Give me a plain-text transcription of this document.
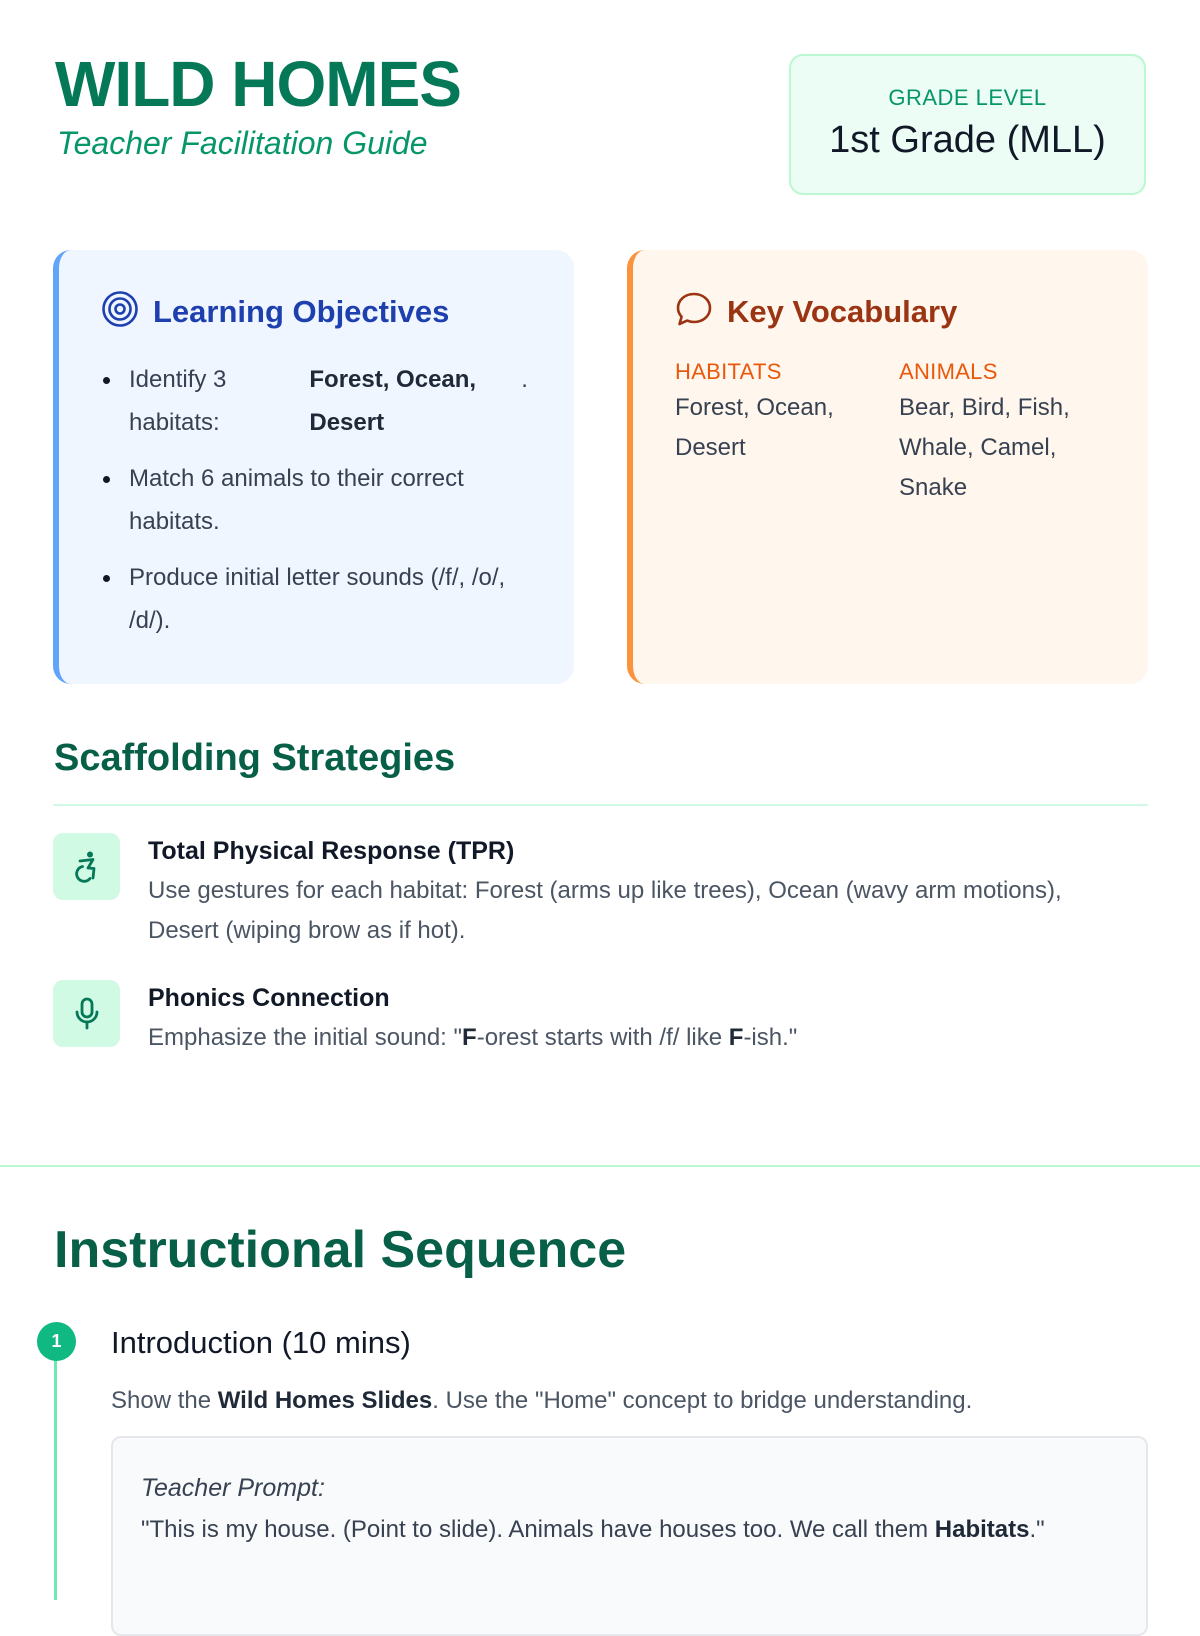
WILD HOMES
Teacher Facilitation Guide
GRADE LEVEL
1st Grade (MLL)
Learning Objectives
Identify 3 habitats:
Forest, Ocean, Desert
.
Match 6 animals to their correct habitats.
Produce initial letter sounds (/f/, /o/, /d/).
Key Vocabulary
HABITATS
Forest, Ocean, Desert
ANIMALS
Bear, Bird, Fish, Whale, Camel, Snake
Scaffolding Strategies
Total Physical Response (TPR)
Use gestures for each habitat: Forest (arms up like trees), Ocean (wavy arm motions), Desert (wiping brow as if hot).
Phonics Connection
Emphasize the initial sound: "F-orest starts with /f/ like F-ish."
Instructional Sequence
1	Introduction (10 mins)
Show the Wild Homes Slides. Use the "Home" concept to bridge understanding.
Teacher Prompt:
"This is my house. (Point to slide). Animals have houses too. We call them Habitats."
